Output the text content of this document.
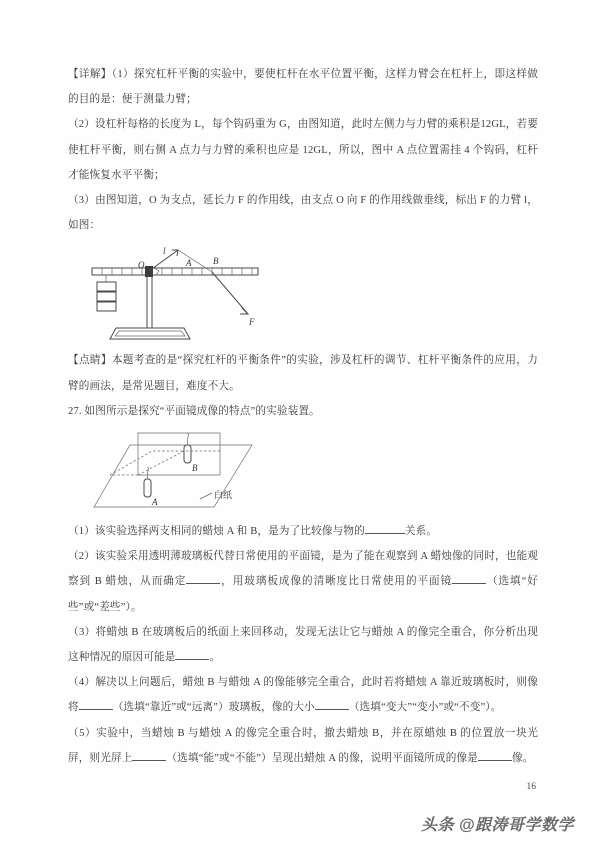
【详解】（1）探究杠杆平衡的实验中，要使杠杆在水平位置平衡，这样力臂会在杠杆上，即这样做的目的是：便于测量力臂；

（2）设杠杆每格的长度为 L，每个钩码重为 G，由图知道，此时左侧力与力臂的乘积是12GL，若要使杠杆平衡，则右侧 A 点力与力臂的乘积也应是 12GL，所以，图中 A 点位置需挂 4 个钩码，杠杆才能恢复水平平衡；

（3）由图知道，O 为支点，延长力 F 的作用线，由支点 O 向 F 的作用线做垂线，标出 F 的力臂 l，如图：

O
l
A B
F

【点睛】本题考查的是“探究杠杆的平衡条件”的实验，涉及杠杆的调节、杠杆平衡条件的应用，力臂的画法，是常见题目，难度不大。

27. 如图所示是探究“平面镜成像的特点”的实验装置。

A
B
白纸

（1）该实验选择两支相同的蜡烛 A 和 B，是为了比较像与物的	关系。

（2）该实验采用透明薄玻璃板代替日常使用的平面镜，是为了能在观察到 A 蜡烛像的同时，也能观察到 B 蜡烛，从而确定	，用玻璃板成像的清晰度比日常使用的平面镜	（选填“好些”或“差些”）。

（3）将蜡烛 B 在玻璃板后的纸面上来回移动，发现无法让它与蜡烛 A 的像完全重合，你分析出现这种情况的原因可能是	。

（4）解决以上问题后，蜡烛 B 与蜡烛 A 的像能够完全重合，此时若将蜡烛 A 靠近玻璃板时，则像将	（选填“靠近”或“远离”）玻璃板，像的大小	（选填“变大”“变小”或“不变”）。

（5）实验中，当蜡烛 B 与蜡烛 A 的像完全重合时，撤去蜡烛 B，并在原蜡烛 B 的位置放一块光屏，则光屏上	（选填“能”或“不能”）呈现出蜡烛 A 的像，说明平面镜所成的像是	像。

16
头条 @跟涛哥学数学
